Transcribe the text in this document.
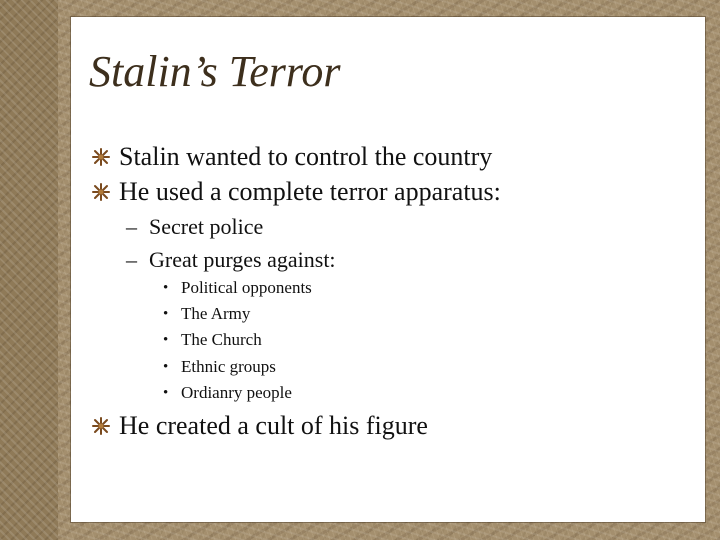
Stalin’s Terror
Stalin wanted to control the country
He used a complete terror apparatus:
– Secret police
– Great purges against:
• Political opponents
• The Army
• The Church
• Ethnic groups
• Ordianry people
He created a cult of his figure
